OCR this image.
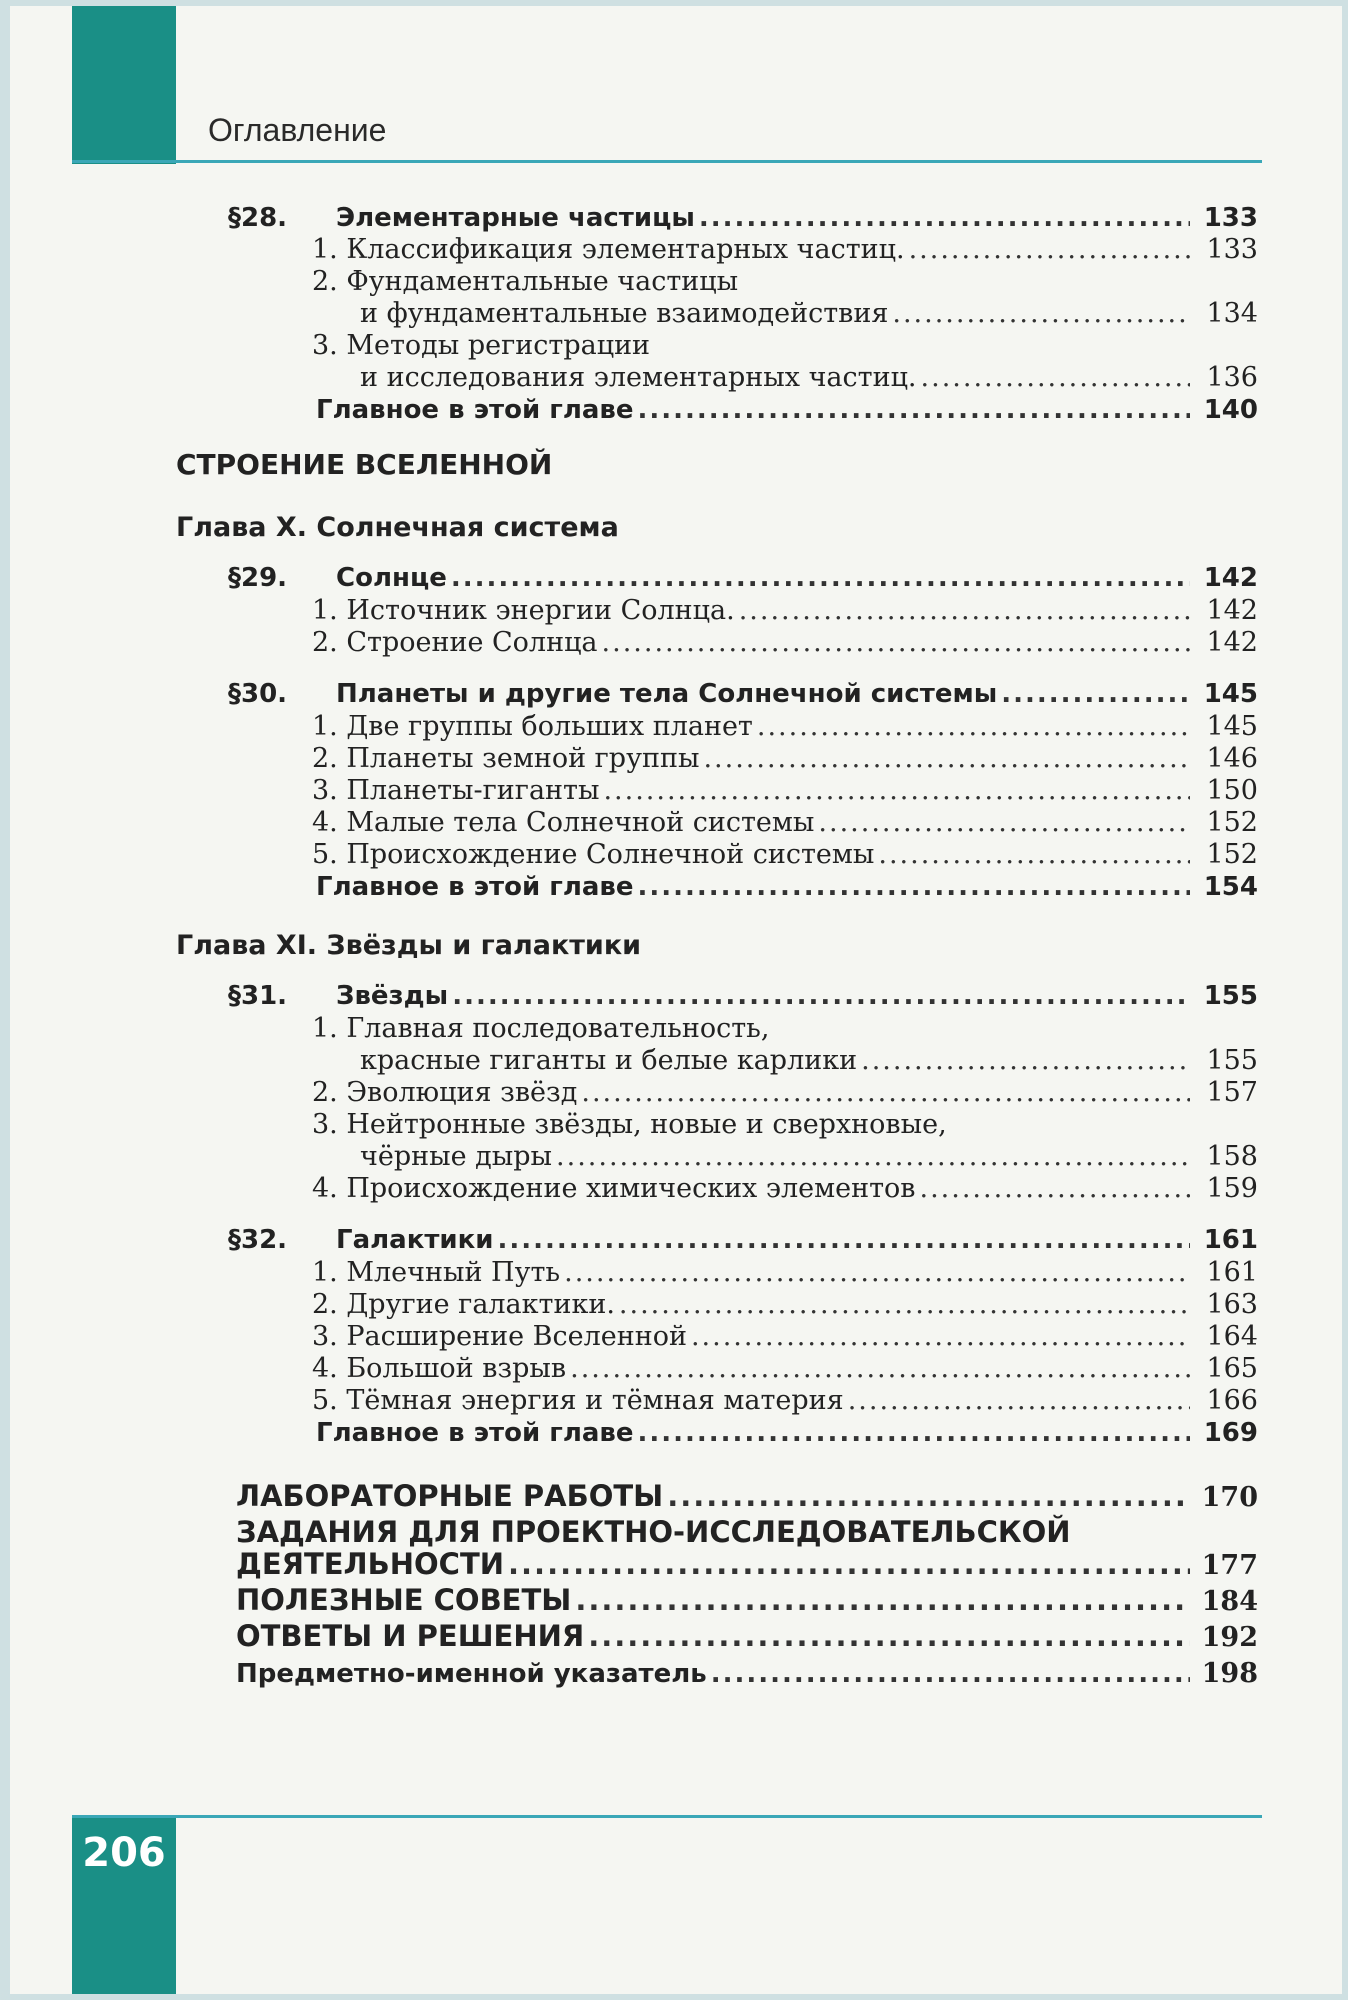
Оглавление
206
§28. Элементарные частицы .....	133
1. Классификация элементарных частиц. .....	133
2. Фундаментальные частицы
и фундаментальные взаимодействия .....	134
3. Методы регистрации
и исследования элементарных частиц. .....	136
Главное в этой главе .....	140
СТРОЕНИЕ ВСЕЛЕННОЙ
Глава X. Солнечная система
§29. Солнце .....	142
1. Источник энергии Солнца. .....	142
2. Строение Солнца .....	142
§30. Планеты и другие тела Солнечной системы .....	145
1. Две группы больших планет .....	145
2. Планеты земной группы .....	146
3. Планеты-гиганты .....	150
4. Малые тела Солнечной системы .....	152
5. Происхождение Солнечной системы .....	152
Главное в этой главе .....	154
Глава XI. Звёзды и галактики
§31. Звёзды .....	155
1. Главная последовательность,
красные гиганты и белые карлики .....	155
2. Эволюция звёзд .....	157
3. Нейтронные звёзды, новые и сверхновые,
чёрные дыры .....	158
4. Происхождение химических элементов .....	159
§32. Галактики .....	161
1. Млечный Путь .....	161
2. Другие галактики. .....	163
3. Расширение Вселенной .....	164
4. Большой взрыв .....	165
5. Тёмная энергия и тёмная материя .....	166
Главное в этой главе .....	169
ЛАБОРАТОРНЫЕ РАБОТЫ .....	170
ЗАДАНИЯ ДЛЯ ПРОЕКТНО-ИССЛЕДОВАТЕЛЬСКОЙ
ДЕЯТЕЛЬНОСТИ .....	177
ПОЛЕЗНЫЕ СОВЕТЫ .....	184
ОТВЕТЫ И РЕШЕНИЯ .....	192
Предметно-именной указатель .....	198
